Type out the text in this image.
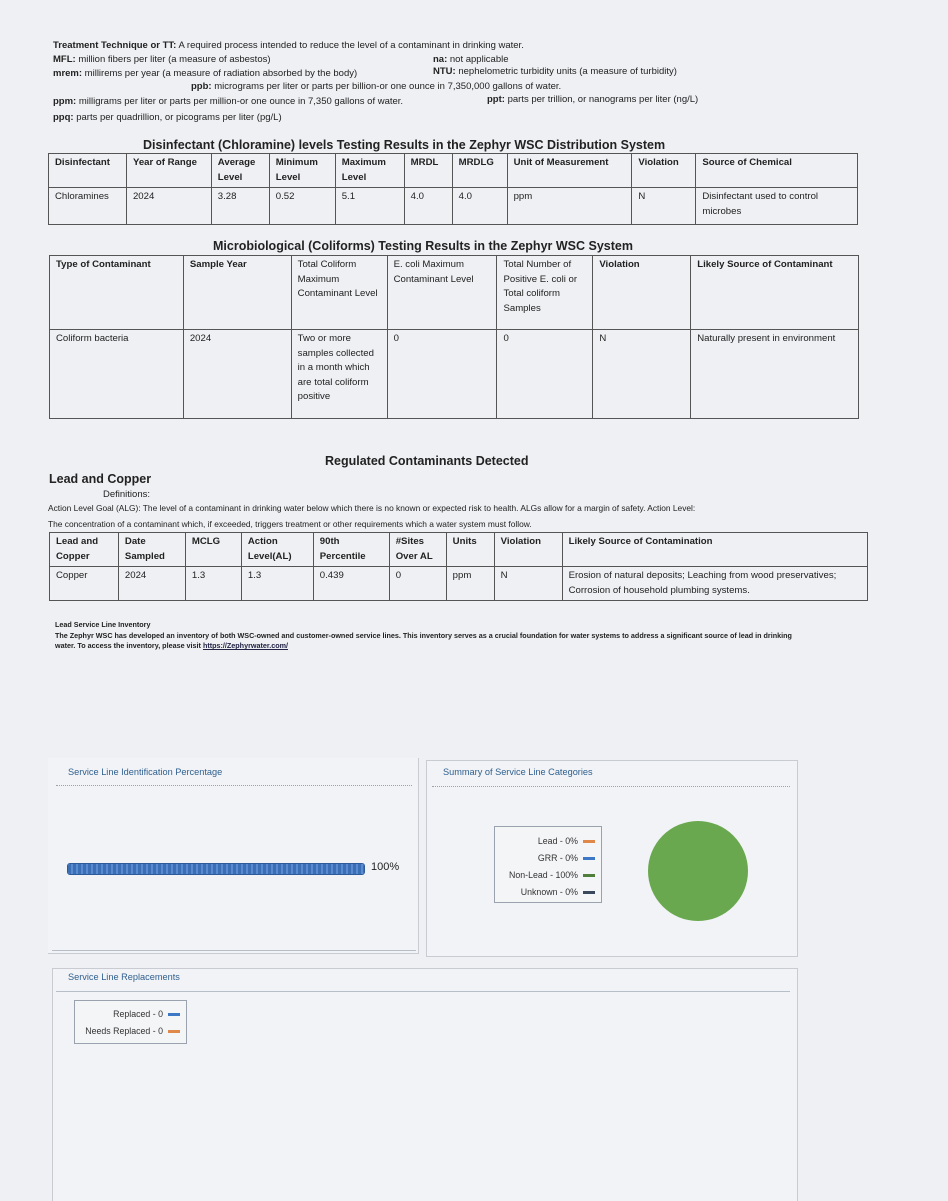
Treatment Technique or TT: A required process intended to reduce the level of a contaminant in drinking water.
MFL: million fibers per liter (a measure of asbestos)	na: not applicable
mrem: millirems per year (a measure of radiation absorbed by the body)	NTU: nephelometric turbidity units (a measure of turbidity)
ppb: micrograms per liter or parts per billion-or one ounce in 7,350,000 gallons of water.
ppm: milligrams per liter or parts per million-or one ounce in 7,350 gallons of water.	ppt: parts per trillion, or nanograms per liter (ng/L)
ppq: parts per quadrillion, or picograms per liter (pg/L)
Disinfectant (Chloramine) levels Testing Results in the Zephyr WSC Distribution System
Disinfectant	Year of Range	Average Level	Minimum Level	Maximum Level	MRDL	MRDLG	Unit of Measurement	Violation	Source of Chemical
Chloramines	2024	3.28	0.52	5.1	4.0	4.0	ppm	N	Disinfectant used to control microbes
Microbiological (Coliforms) Testing Results in the Zephyr WSC System
Type of Contaminant	Sample Year	Total Coliform Maximum Contaminant Level	E. coli Maximum Contaminant Level	Total Number of Positive E. coli or Total coliform Samples	Violation	Likely Source of Contaminant
Coliform bacteria	2024	Two or more samples collected in a month which are total coliform positive	0	0	N	Naturally present in environment
Regulated Contaminants Detected
Lead and Copper
Definitions:
Action Level Goal (ALG): The level of a contaminant in drinking water below which there is no known or expected risk to health. ALGs allow for a margin of safety. Action Level:
The concentration of a contaminant which, if exceeded, triggers treatment or other requirements which a water system must follow.
Lead and Copper	Date Sampled	MCLG	Action Level(AL)	90th Percentile	#Sites Over AL	Units	Violation	Likely Source of Contamination
Copper	2024	1.3	1.3	0.439	0	ppm	N	Erosion of natural deposits; Leaching from wood preservatives; Corrosion of household plumbing systems.
Lead Service Line Inventory
The Zephyr WSC has developed an inventory of both WSC-owned and customer-owned service lines. This inventory serves as a crucial foundation for water systems to address a significant source of lead in drinking water. To access the inventory, please visit https://Zephyrwater.com/
Service Line Identification Percentage
100%
Summary of Service Line Categories
Lead - 0%
GRR - 0%
Non-Lead - 100%
Unknown - 0%
Service Line Replacements
Replaced - 0
Needs Replaced - 0
